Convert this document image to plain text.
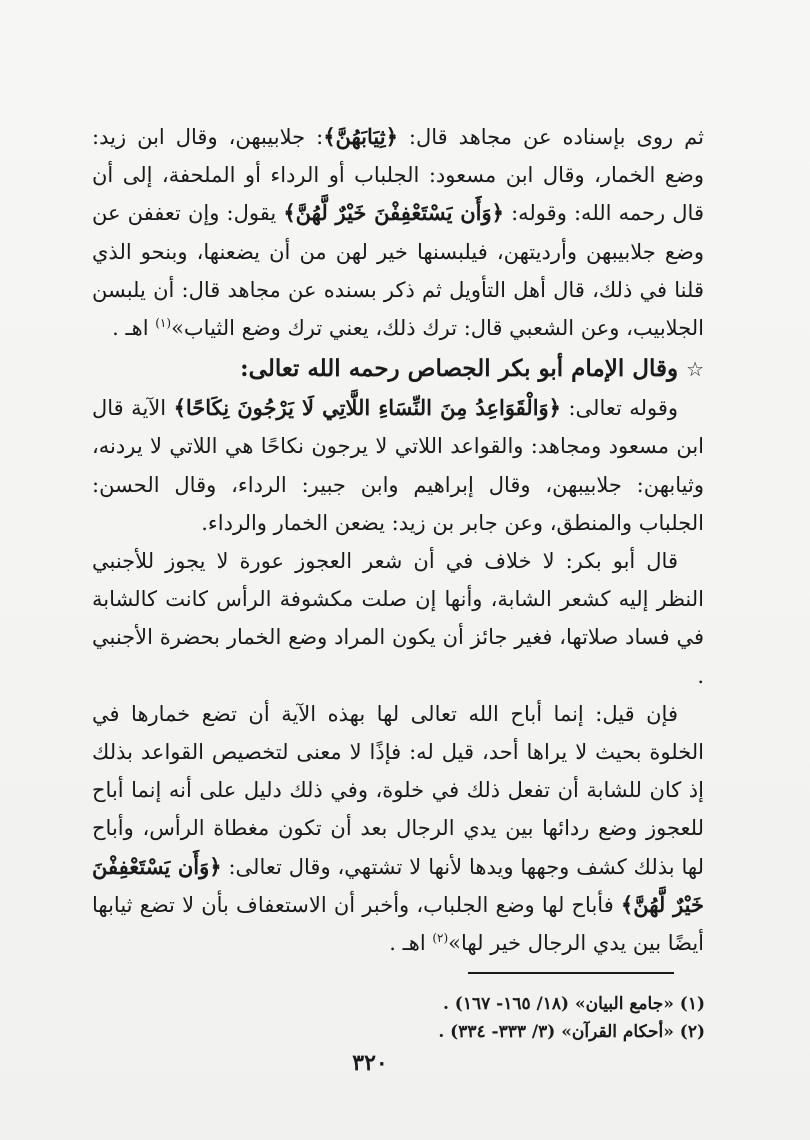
ثم روى بإسناده عن مجاهد قال: ﴿ثِيَابَهُنَّ﴾: جلابيبهن، وقال ابن زيد: وضع الخمار، وقال ابن مسعود: الجلباب أو الرداء أو الملحفة، إلى أن قال رحمه الله: وقوله: ﴿وَأَن يَسْتَعْفِفْنَ خَيْرٌ لَّهُنَّ﴾ يقول: وإن تعففن عن وضع جلابيبهن وأرديتهن، فيلبسنها خير لهن من أن يضعنها، وبنحو الذي قلنا في ذلك، قال أهل التأويل ثم ذكر بسنده عن مجاهد قال: أن يلبسن الجلابيب، وعن الشعبي قال: ترك ذلك، يعني ترك وضع الثياب»$^{(١)}$ اهـ .

☆وقال الإمام أبو بكر الجصاص رحمه الله تعالى:

وقوله تعالى: ﴿وَالْقَوَاعِدُ مِنَ النِّسَاءِ اللَّاتِي لَا يَرْجُونَ نِكَاحًا﴾ الآية قال ابن مسعود ومجاهد: والقواعد اللاتي لا يرجون نكاحًا هي اللاتي لا يردنه، وثيابهن: جلابيبهن، وقال إبراهيم وابن جبير: الرداء، وقال الحسن: الجلباب والمنطق، وعن جابر بن زيد: يضعن الخمار والرداء.

قال أبو بكر: لا خلاف في أن شعر العجوز عورة لا يجوز للأجنبي النظر إليه كشعر الشابة، وأنها إن صلت مكشوفة الرأس كانت كالشابة في فساد صلاتها، فغير جائز أن يكون المراد وضع الخمار بحضرة الأجنبي .

فإن قيل: إنما أباح الله تعالى لها بهذه الآية أن تضع خمارها في الخلوة بحيث لا يراها أحد، قيل له: فإذًا لا معنى لتخصيص القواعد بذلك إذ كان للشابة أن تفعل ذلك في خلوة، وفي ذلك دليل على أنه إنما أباح للعجوز وضع ردائها بين يدي الرجال بعد أن تكون مغطاة الرأس، وأباح لها بذلك كشف وجهها ويدها لأنها لا تشتهي، وقال تعالى: ﴿وَأَن يَسْتَعْفِفْنَ خَيْرٌ لَّهُنَّ﴾ فأباح لها وضع الجلباب، وأخبر أن الاستعفاف بأن لا تضع ثيابها أيضًا بين يدي الرجال خير لها»$^{(٢)}$ اهـ .

(١) «جامع البيان» (١٨/ ١٦٥- ١٦٧) .

(٢) «أحكام القرآن» (٣/ ٣٣٣- ٣٣٤) .

٣٢٠
